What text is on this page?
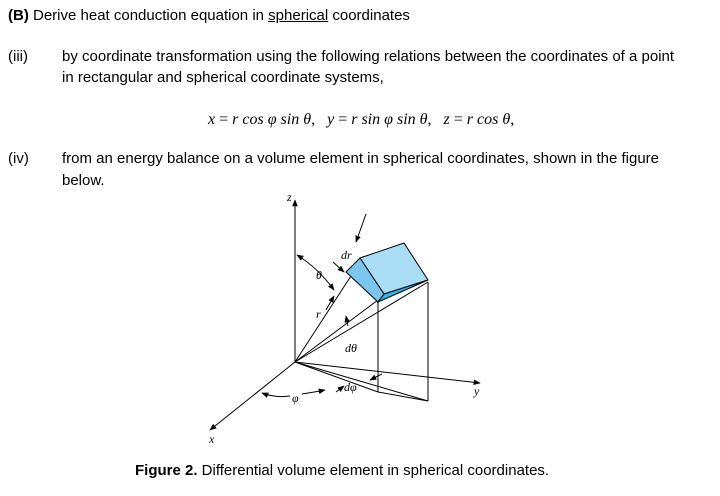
(B) Derive heat conduction equation in spherical coordinates
(iii) by coordinate transformation using the following relations between the coordinates of a point
in rectangular and spherical coordinate systems,
x = r cos φ sin θ,   y = r sin φ sin θ,   z = r cos θ,
(iv) from an energy balance on a volume element in spherical coordinates, shown in the figure
below.
z
y
x
r
θ
φ
dr
dθ
dφ
Figure 2. Differential volume element in spherical coordinates.
